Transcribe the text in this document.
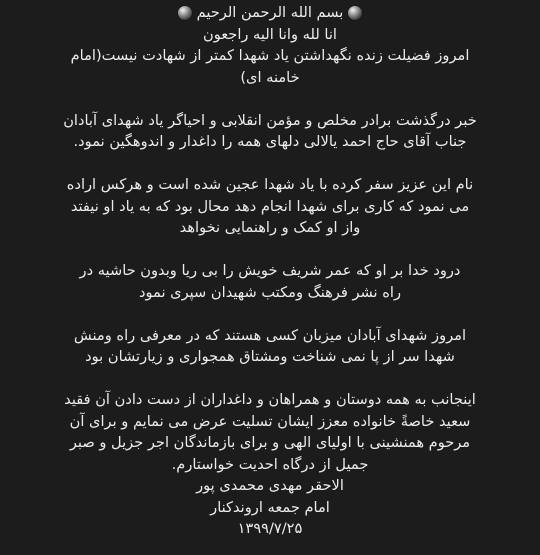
بسم الله الرحمن الرحیم
انا لله وانا الیه راجعون
امروز فضیلت زنده نگهداشتن یاد شهدا کمتر از شهادت نیست(امام
خامنه ای)
خبر درگذشت برادر مخلص و مؤمن انقلابی و احیاگر یاد شهدای آبادان
جناب آقای حاج احمد یالالی دلهای همه را داغدار و اندوهگین نمود.
نام این عزیز سفر کرده با یاد شهدا عجین شده است و هرکس اراده
می نمود که کاری برای شهدا انجام دهد محال بود که به یاد او نیفتد
واز او کمک و راهنمایی نخواهد
درود خدا بر او که عمر شریف خویش را بی ریا وبدون حاشیه در
راه نشر فرهنگ ومکتب شهیدان سپری نمود
امروز شهدای آبادان میزبان کسی هستند که در معرفی راه ومنش
شهدا سر از پا نمی شناخت ومشتاق همجواری و زیارتشان بود
اینجانب به همه دوستان و همراهان و داغداران از دست دادن آن فقید
سعید خاصةً خانواده معزز ایشان تسلیت عرض می نمایم و برای آن
مرحوم همنشینی با اولیای الهی و برای بازماندگان اجر جزیل و صبر
جمیل از درگاه احدیت خواستارم.
الاحقر مهدی محمدی پور
امام جمعه اروندکنار
۱۳۹۹/۷/۲۵
